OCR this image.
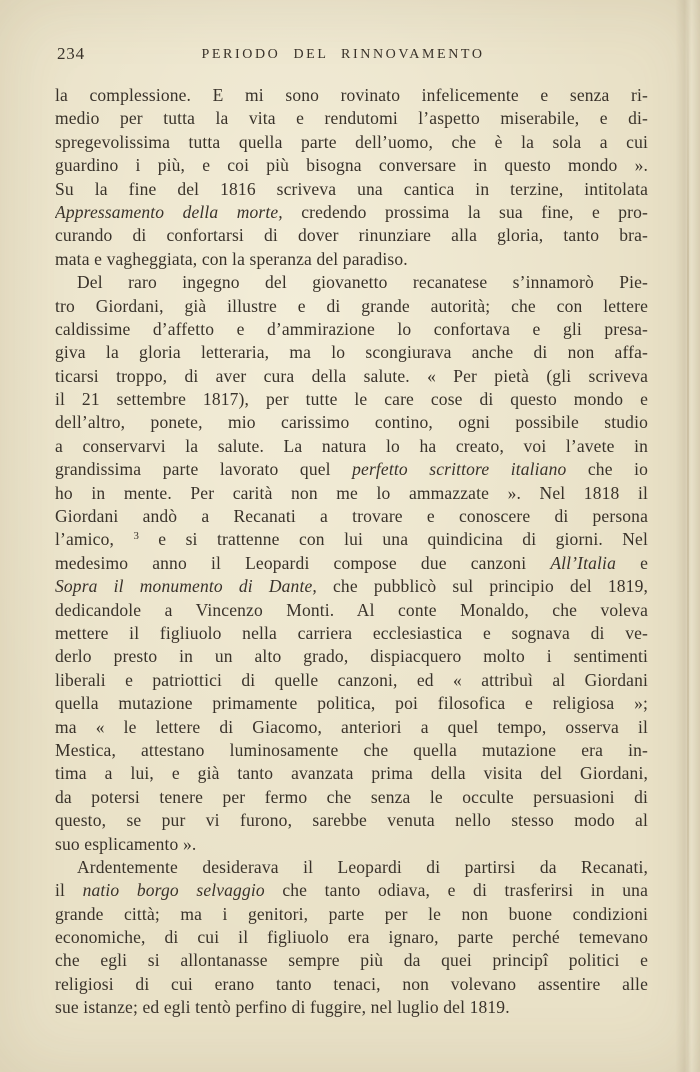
234	PERIODO DEL RINNOVAMENTO
la complessione. E mi sono rovinato infelicemente e senza ri-
medio per tutta la vita e rendutomi l’aspetto miserabile, e di-
spregevolissima tutta quella parte dell’uomo, che è la sola a cui
guardino i più, e coi più bisogna conversare in questo mondo ».
Su la fine del 1816 scriveva una cantica in terzine, intitolata
Appressamento della morte, credendo prossima la sua fine, e pro-
curando di confortarsi di dover rinunziare alla gloria, tanto bra-
mata e vagheggiata, con la speranza del paradiso.
Del raro ingegno del giovanetto recanatese s’innamorò Pie-
tro Giordani, già illustre e di grande autorità; che con lettere
caldissime d’affetto e d’ammirazione lo confortava e gli presa-
giva la gloria letteraria, ma lo scongiurava anche di non affa-
ticarsi troppo, di aver cura della salute. « Per pietà (gli scriveva
il 21 settembre 1817), per tutte le care cose di questo mondo e
dell’altro, ponete, mio carissimo contino, ogni possibile studio
a conservarvi la salute. La natura lo ha creato, voi l’avete in
grandissima parte lavorato quel perfetto scrittore italiano che io
ho in mente. Per carità non me lo ammazzate ». Nel 1818 il
Giordani andò a Recanati a trovare e conoscere di persona
l’amico, $^3$ e si trattenne con lui una quindicina di giorni. Nel
medesimo anno il Leopardi compose due canzoni All’Italia e
Sopra il monumento di Dante, che pubblicò sul principio del 1819,
dedicandole a Vincenzo Monti. Al conte Monaldo, che voleva
mettere il figliuolo nella carriera ecclesiastica e sognava di ve-
derlo presto in un alto grado, dispiacquero molto i sentimenti
liberali e patriottici di quelle canzoni, ed « attribuì al Giordani
quella mutazione primamente politica, poi filosofica e religiosa »;
ma « le lettere di Giacomo, anteriori a quel tempo, osserva il
Mestica, attestano luminosamente che quella mutazione era in-
tima a lui, e già tanto avanzata prima della visita del Giordani,
da potersi tenere per fermo che senza le occulte persuasioni di
questo, se pur vi furono, sarebbe venuta nello stesso modo al
suo esplicamento ».
Ardentemente desiderava il Leopardi di partirsi da Recanati,
il natio borgo selvaggio che tanto odiava, e di trasferirsi in una
grande città; ma i genitori, parte per le non buone condizioni
economiche, di cui il figliuolo era ignaro, parte perché temevano
che egli si allontanasse sempre più da quei principî politici e
religiosi di cui erano tanto tenaci, non volevano assentire alle
sue istanze; ed egli tentò perfino di fuggire, nel luglio del 1819.
